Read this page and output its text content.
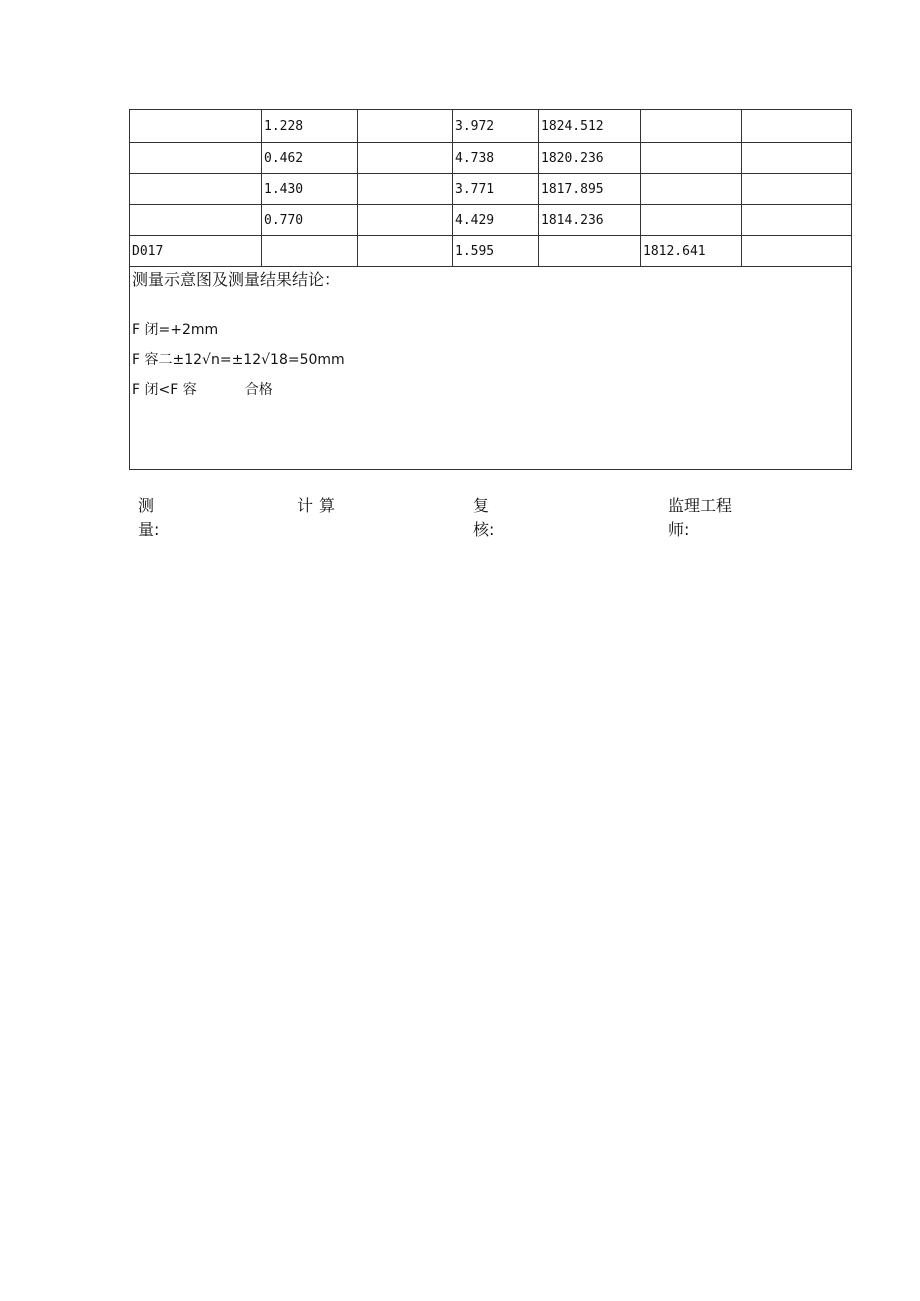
	1.228		3.972	1824.512		
	0.462		4.738	1820.236		
	1.430		3.771	1817.895		
	0.770		4.429	1814.236		
D017			1.595		1812.641	

测量示意图及测量结果结论：

F 闭=+2mm

F 容二±12√n=±12√18=50mm

F 闭<F 容 合格						

测
量:
计算	复
核:
监理工程
师:
